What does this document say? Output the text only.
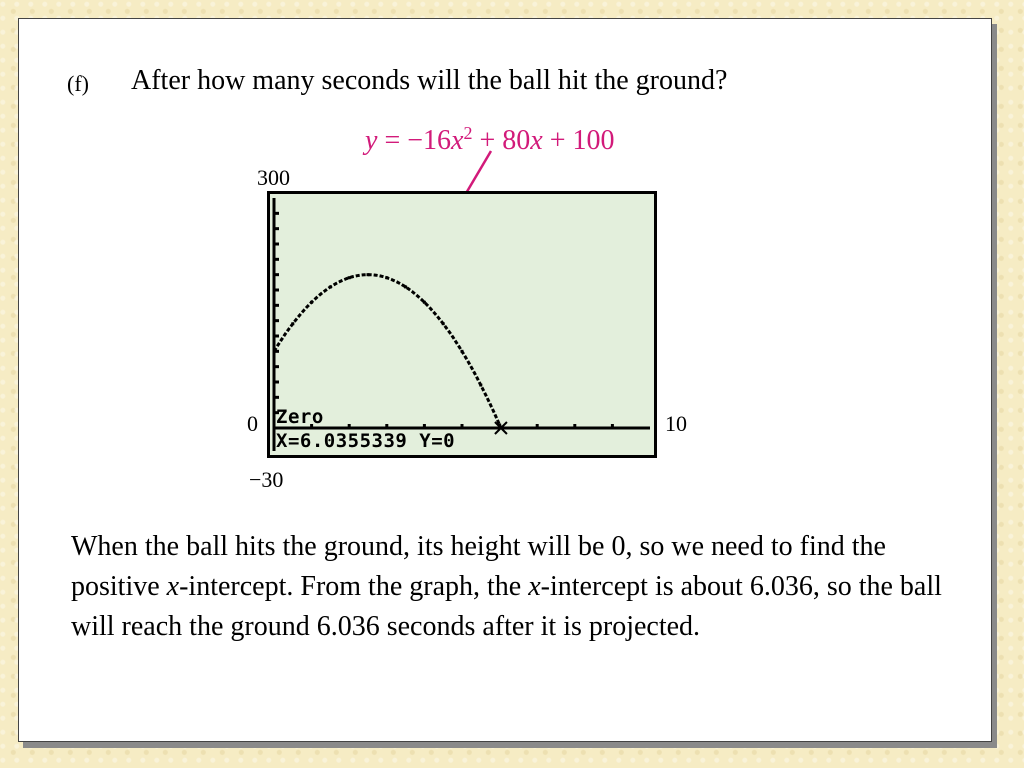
(f) After how many seconds will the ball hit the ground?
$y = -16x^2 + 80x + 100$
300
0	10
−30
Zero
X=6.0355339 Y=0
When the ball hits the ground, its height will be 0, so we need to find the positive x-intercept. From the graph, the x-intercept is about 6.036, so the ball will reach the ground 6.036 seconds after it is projected.
